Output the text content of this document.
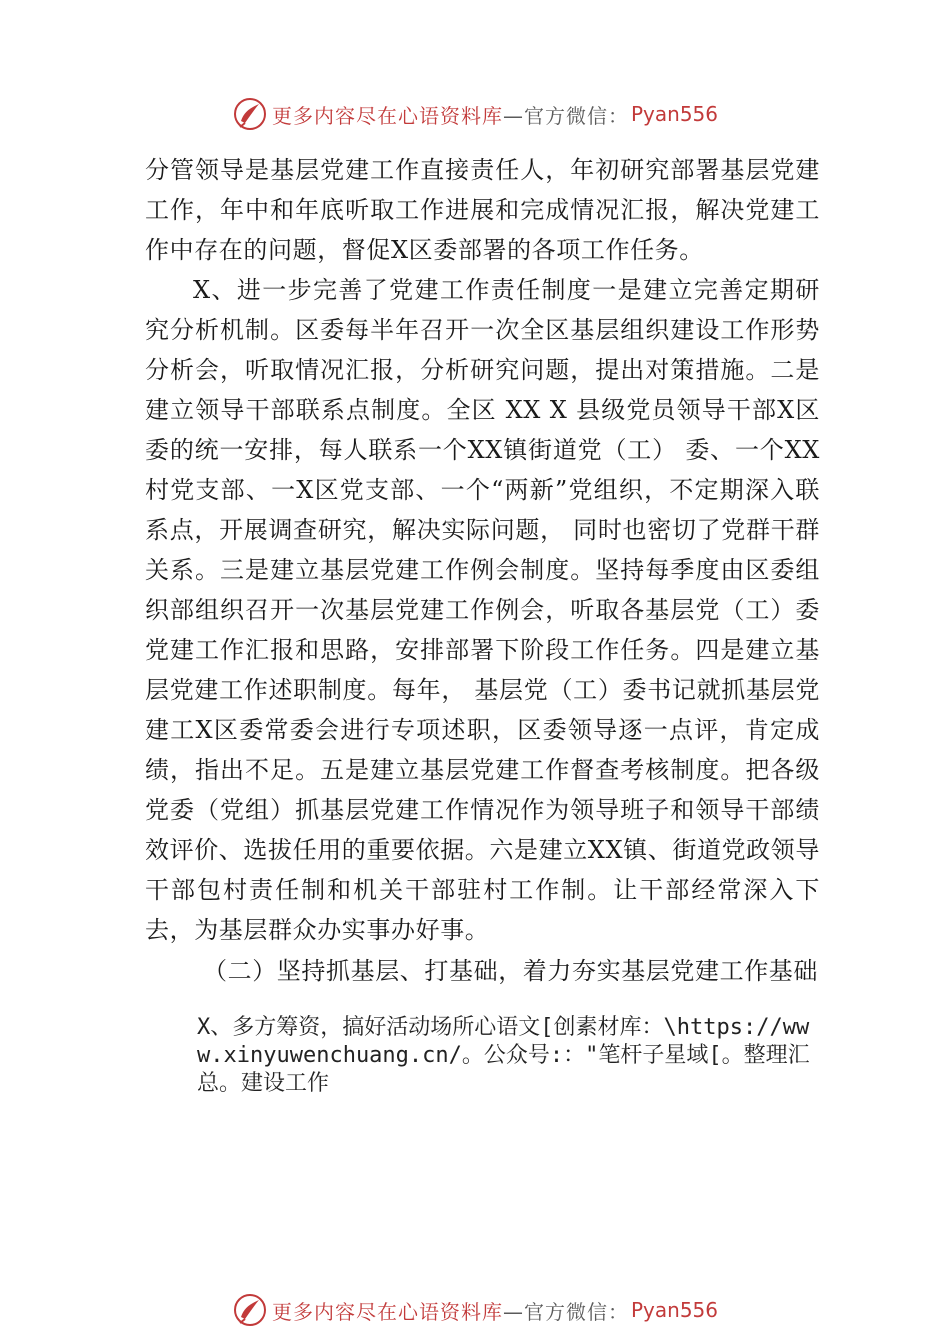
更多内容尽在心语资料库 —官方微信： Pyan556

分管领导是基层党建工作直接责任人，年初研究部署基层党建工作，年中和年底听取工作进展和完成情况汇报，解决党建工作中存在的问题，督促X区委部署的各项工作任务。

X、进一步完善了党建工作责任制度一是建立完善定期研究分析机制。区委每半年召开一次全区基层组织建设工作形势分析会，听取情况汇报，分析研究问题，提出对策措施。二是建立领导干部联系点制度。全区 XX X 县级党员领导干部X区委的统一安排，每人联系一个XX镇街道党（工） 委、一个XX村党支部、一X区党支部、一个“两新”党组织，不定期深入联系点，开展调查研究，解决实际问题， 同时也密切了党群干群关系。三是建立基层党建工作例会制度。坚持每季度由区委组织部组织召开一次基层党建工作例会，听取各基层党（工）委党建工作汇报和思路，安排部署下阶段工作任务。四是建立基层党建工作述职制度。每年， 基层党（工）委书记就抓基层党建工X区委常委会进行专项述职，区委领导逐一点评，肯定成绩，指出不足。五是建立基层党建工作督查考核制度。把各级党委（党组）抓基层党建工作情况作为领导班子和领导干部绩效评价、选拔任用的重要依据。六是建立XX镇、街道党政领导干部包村责任制和机关干部驻村工作制。让干部经常深入下去，为基层群众办实事办好事。

（二）坚持抓基层、打基础，着力夯实基层党建工作基础

X、多方筹资，搞好活动场所心语文[创素材库：\https://www.xinyuwenchuang.cn/。公众号:："笔杆子星域[。整理汇总。建设工作

更多内容尽在心语资料库 —官方微信： Pyan556
